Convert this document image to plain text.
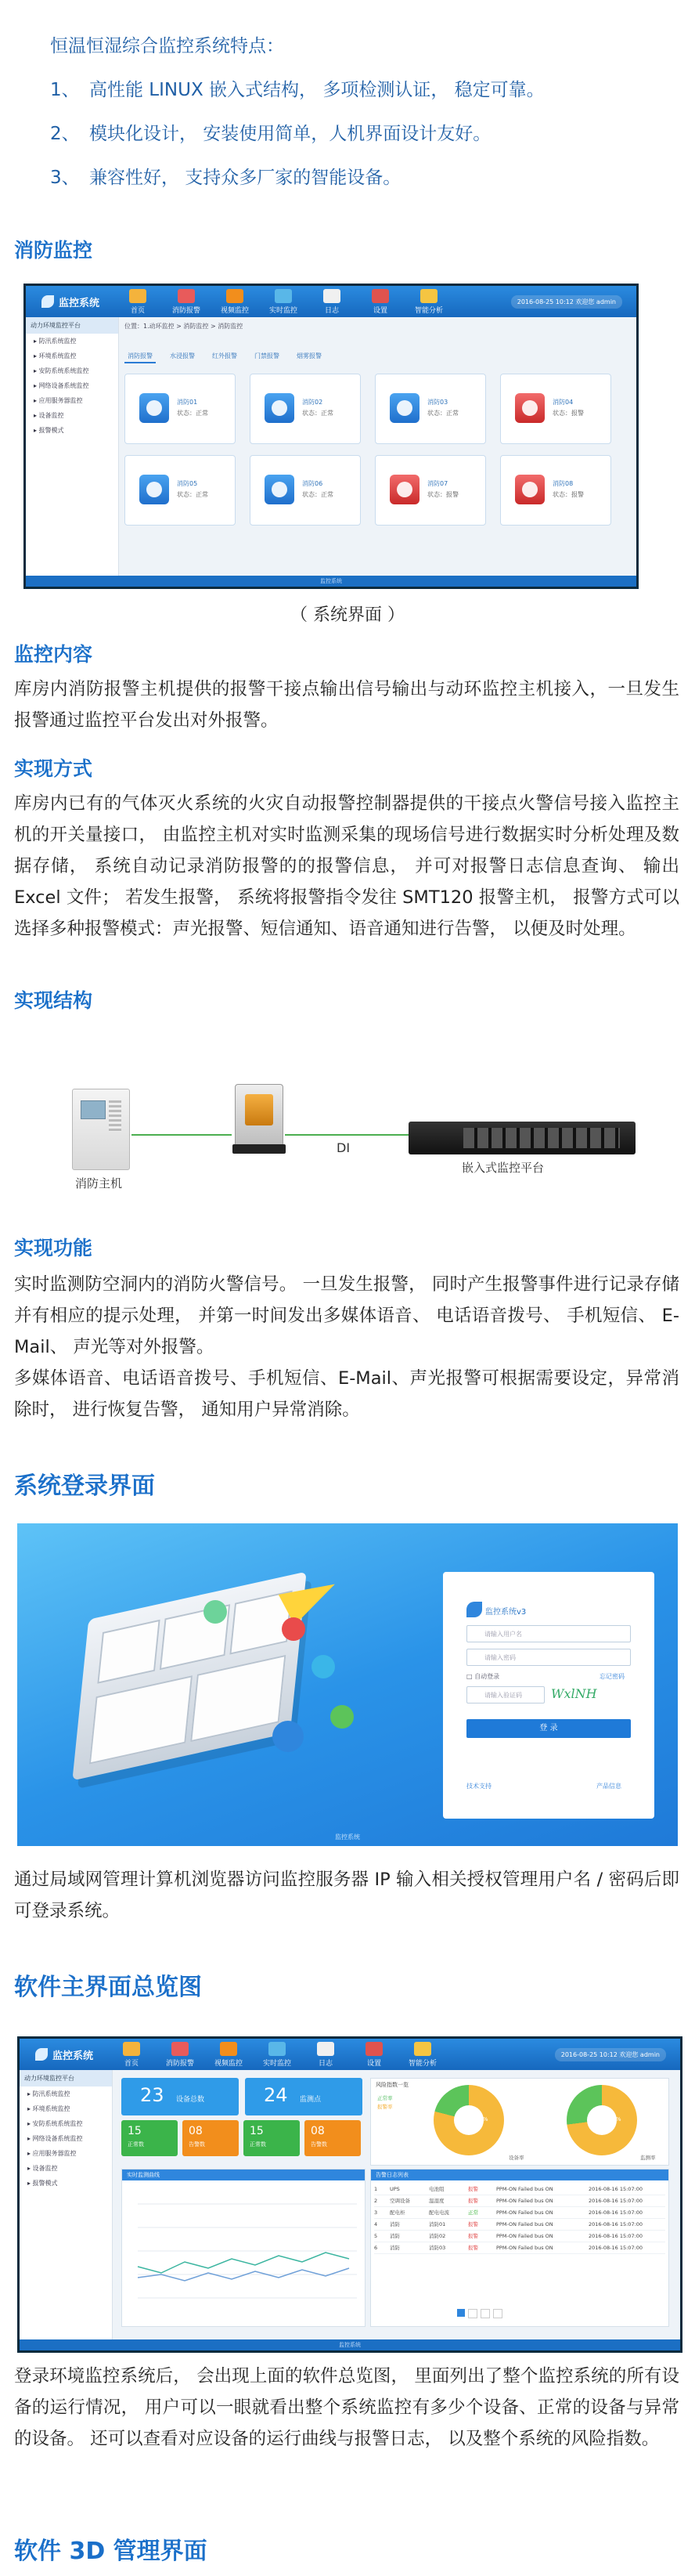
恒温恒湿综合监控系统特点：
1、 高性能 LINUX 嵌入式结构， 多项检测认证， 稳定可靠。
2、 模块化设计， 安装使用简单，人机界面设计友好。
3、 兼容性好， 支持众多厂家的智能设备。
消防监控
监控系统
首页	消防报警	视频监控	实时监控	日志	设置	智能分析
2016-08-25 10:12 欢迎您 admin
动力环境监控平台
▸ 防汛系统监控
▸ 环境系统监控
▸ 安防系统系统监控
▸ 网络设备系统监控
▸ 应用服务器监控
▸ 设备监控
▸ 报警模式
位置：1.动环监控 > 消防监控 > 消防监控
消防报警	水浸报警	红外报警	门禁报警	烟雾报警
消防01
状态：正常
消防02
状态：正常
消防03
状态：正常
消防04
状态：报警
消防05
状态：正常
消防06
状态：正常
消防07
状态：报警
消防08
状态：报警
监控系统
（ 系统界面 ）
监控内容
库房内消防报警主机提供的报警干接点输出信号输出与动环监控主机接入，一旦发生报警通过监控平台发出对外报警。
实现方式
库房内已有的气体灭火系统的火灾自动报警控制器提供的干接点火警信号接入监控主机的开关量接口， 由监控主机对实时监测采集的现场信号进行数据实时分析处理及数据存储， 系统自动记录消防报警的的报警信息， 并可对报警日志信息查询、 输出 Excel 文件； 若发生报警， 系统将报警指令发往 SMT120 报警主机， 报警方式可以选择多种报警模式：声光报警、短信通知、语音通知进行告警， 以便及时处理。
实现结构
消防主机
DI
嵌入式监控平台
实现功能
实时监测防空洞内的消防火警信号。 一旦发生报警， 同时产生报警事件进行记录存储并有相应的提示处理， 并第一时间发出多媒体语音、 电话语音拨号、 手机短信、 E-Mail、 声光等对外报警。
多媒体语音、电话语音拨号、手机短信、E-Mail、声光报警可根据需要设定，异常消除时， 进行恢复告警， 通知用户异常消除。
系统登录界面
监控系统v3
请输入用户名
请输入密码
□ 自动登录	忘记密码
请输入验证码	WxlNH
登 录
技术支持	产品信息
监控系统
通过局域网管理计算机浏览器访问监控服务器 IP 输入相关授权管理用户名 / 密码后即可登录系统。
软件主界面总览图
监控系统
首页	消防报警	视频监控	实时监控	日志	设置	智能分析
2016-08-25 10:12 欢迎您 admin
动力环境监控平台
▸ 防汛系统监控
▸ 环境系统监控
▸ 安防系统系统监控
▸ 网络设备系统监控
▸ 应用服务器监控
▸ 设备监控
▸ 报警模式
23 设备总数	24 监测点
15
正常数
08
告警数
15
正常数
08
告警数
风险指数一览
正常率
报警率
79%	73%
设备率	监测率
实时监测曲线	告警日志列表
1	UPS	电池组	报警	PPM-ON Failed bus ON	2016-08-16 15:07:00
2	空调设备	温湿度	报警	PPM-ON Failed bus ON	2016-08-16 15:07:00
3	配电柜	配电电流	正常	PPM-ON Failed bus ON	2016-08-16 15:07:00
4	消防	消防01	报警	PPM-ON Failed bus ON	2016-08-16 15:07:00
5	消防	消防02	报警	PPM-ON Failed bus ON	2016-08-16 15:07:00
6	消防	消防03	报警	PPM-ON Failed bus ON	2016-08-16 15:07:00
监控系统
登录环境监控系统后， 会出现上面的软件总览图， 里面列出了整个监控系统的所有设备的运行情况， 用户可以一眼就看出整个系统监控有多少个设备、正常的设备与异常的设备。 还可以查看对应设备的运行曲线与报警日志， 以及整个系统的风险指数。
软件 3D 管理界面
